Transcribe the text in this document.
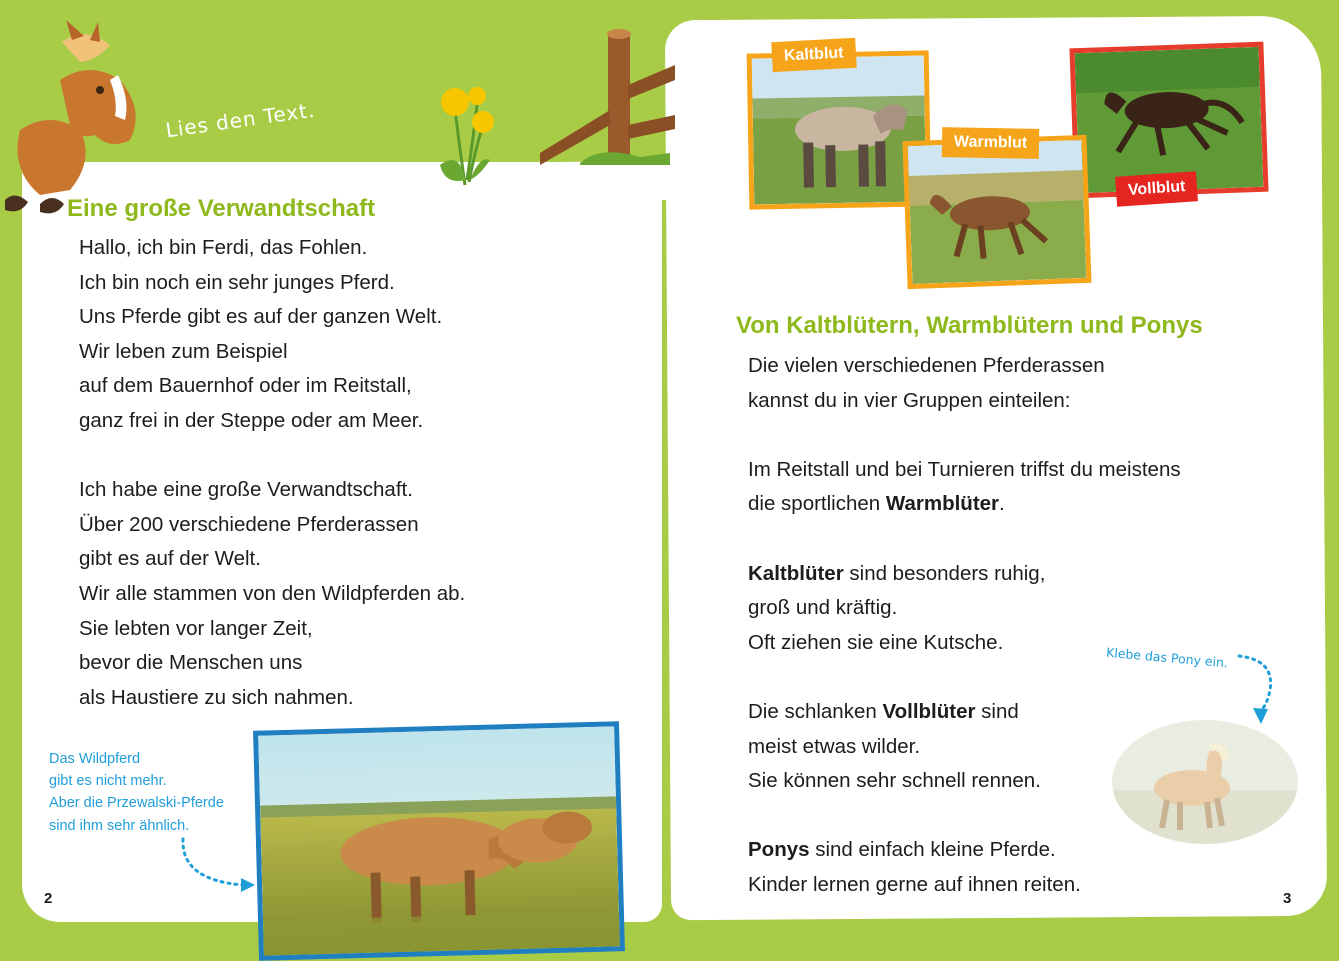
Lies den Text.
Eine große Verwandtschaft

Hallo, ich bin Ferdi, das Fohlen.

Ich bin noch ein sehr junges Pferd.

Uns Pferde gibt es auf der ganzen Welt.

Wir leben zum Beispiel

auf dem Bauernhof oder im Reitstall,

ganz frei in der Steppe oder am Meer.

Ich habe eine große Verwandtschaft.

Über 200 verschiedene Pferderassen

gibt es auf der Welt.

Wir alle stammen von den Wildpferden ab.

Sie lebten vor langer Zeit,

bevor die Menschen uns

als Haustiere zu sich nahmen.

Das Wildpferd
gibt es nicht mehr.
Aber die Przewalski-Pferde
sind ihm sehr ähnlich.
2
Kaltblut
Vollblut
Warmblut
Von Kaltblütern, Warmblütern und Ponys

Die vielen verschiedenen Pferderassen

kannst du in vier Gruppen einteilen:

Im Reitstall und bei Turnieren triffst du meistens

die sportlichen Warmblüter.

Kaltblüter sind besonders ruhig,

groß und kräftig.

Oft ziehen sie eine Kutsche.

Die schlanken Vollblüter sind

meist etwas wilder.

Sie können sehr schnell rennen.

Ponys sind einfach kleine Pferde.

Kinder lernen gerne auf ihnen reiten.

Klebe das Pony ein.
3
